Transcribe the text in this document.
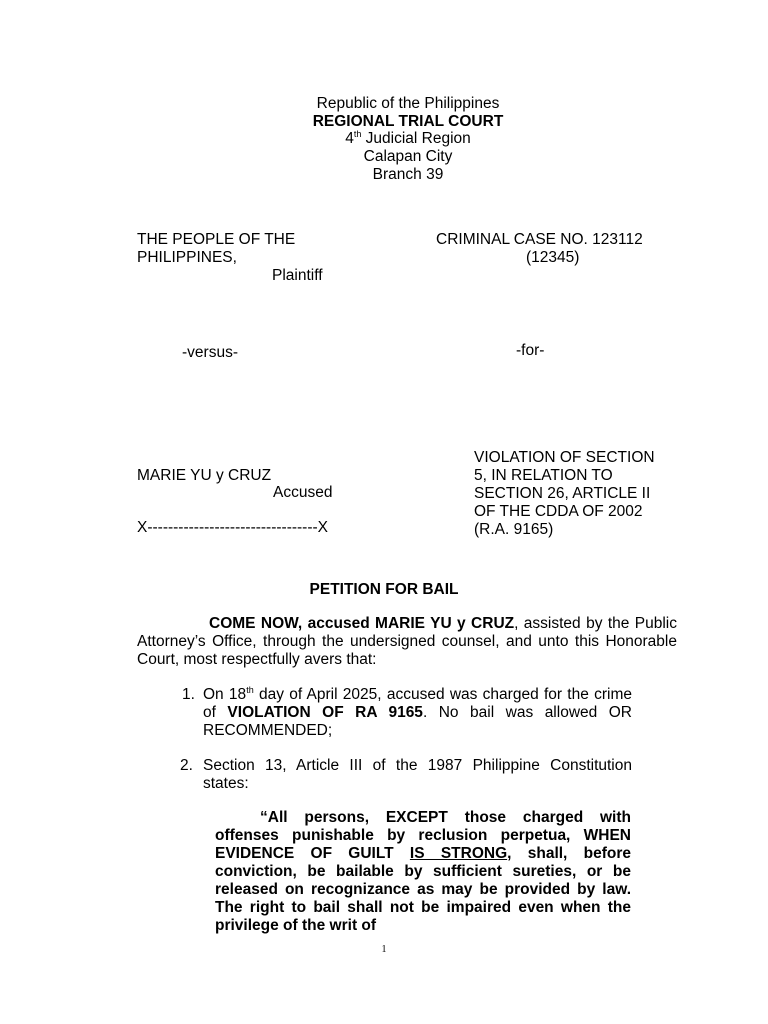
Republic of the Philippines
REGIONAL TRIAL COURT
4th Judicial Region
Calapan City
Branch 39
THE PEOPLE OF THE
PHILIPPINES,
Plaintiff
CRIMINAL CASE NO. 123112
(12345)
-versus-	-for-
MARIE YU y CRUZ
Accused
X---------------------------------X
VIOLATION OF SECTION
5, IN RELATION TO
SECTION 26, ARTICLE II
OF THE CDDA OF 2002
(R.A. 9165)
PETITION FOR BAIL
COME NOW, accused MARIE YU y CRUZ, assisted by the Public Attorney’s Office, through the undersigned counsel, and unto this Honorable Court, most respectfully avers that:
1. On 18th day of April 2025, accused was charged for the crime of VIOLATION OF RA 9165. No bail was allowed OR RECOMMENDED;
2. Section 13, Article III of the 1987 Philippine Constitution states:
“All persons, EXCEPT those charged with offenses punishable by reclusion perpetua, WHEN EVIDENCE OF GUILT IS STRONG, shall, before conviction, be bailable by sufficient sureties, or be released on recognizance as may be provided by law. The right to bail shall not be impaired even when the privilege of the writ of
1
